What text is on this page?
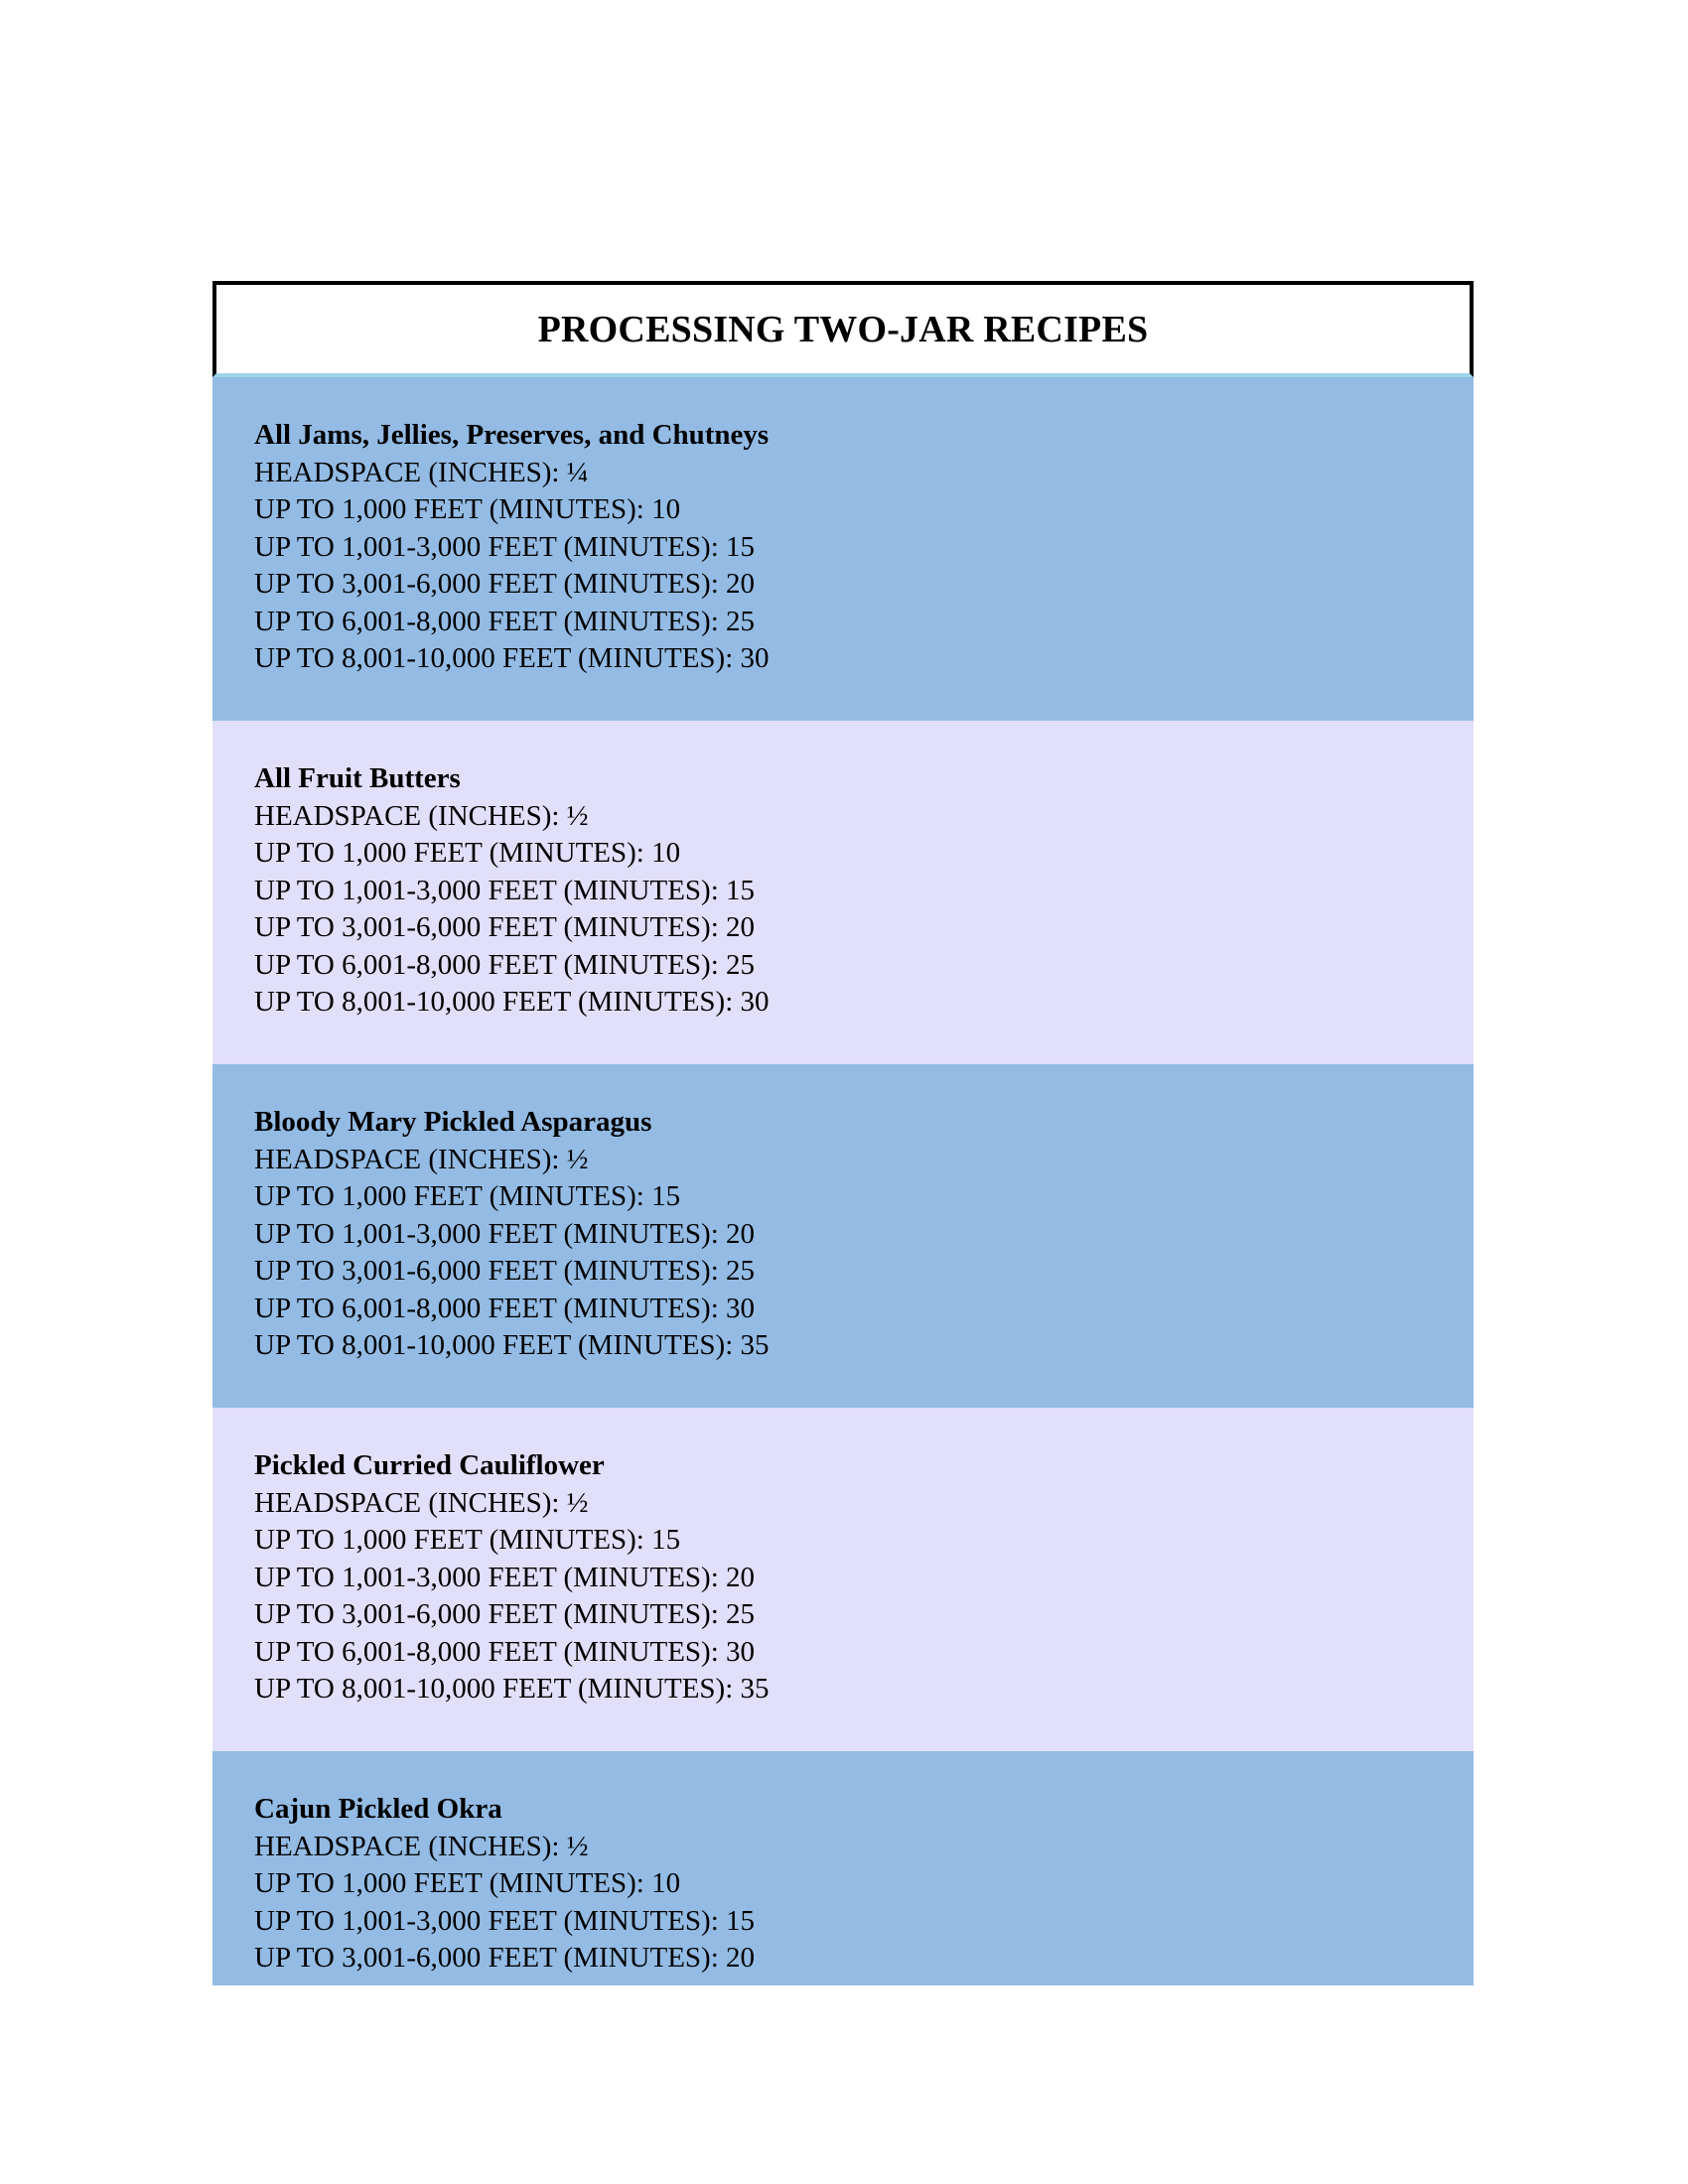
PROCESSING TWO-JAR RECIPES
All Jams, Jellies, Preserves, and Chutneys
HEADSPACE (INCHES): ¼
UP TO 1,000 FEET (MINUTES): 10
UP TO 1,001-3,000 FEET (MINUTES): 15
UP TO 3,001-6,000 FEET (MINUTES): 20
UP TO 6,001-8,000 FEET (MINUTES): 25
UP TO 8,001-10,000 FEET (MINUTES): 30
All Fruit Butters
HEADSPACE (INCHES): ½
UP TO 1,000 FEET (MINUTES): 10
UP TO 1,001-3,000 FEET (MINUTES): 15
UP TO 3,001-6,000 FEET (MINUTES): 20
UP TO 6,001-8,000 FEET (MINUTES): 25
UP TO 8,001-10,000 FEET (MINUTES): 30
Bloody Mary Pickled Asparagus
HEADSPACE (INCHES): ½
UP TO 1,000 FEET (MINUTES): 15
UP TO 1,001-3,000 FEET (MINUTES): 20
UP TO 3,001-6,000 FEET (MINUTES): 25
UP TO 6,001-8,000 FEET (MINUTES): 30
UP TO 8,001-10,000 FEET (MINUTES): 35
Pickled Curried Cauliflower
HEADSPACE (INCHES): ½
UP TO 1,000 FEET (MINUTES): 15
UP TO 1,001-3,000 FEET (MINUTES): 20
UP TO 3,001-6,000 FEET (MINUTES): 25
UP TO 6,001-8,000 FEET (MINUTES): 30
UP TO 8,001-10,000 FEET (MINUTES): 35
Cajun Pickled Okra
HEADSPACE (INCHES): ½
UP TO 1,000 FEET (MINUTES): 10
UP TO 1,001-3,000 FEET (MINUTES): 15
UP TO 3,001-6,000 FEET (MINUTES): 20
